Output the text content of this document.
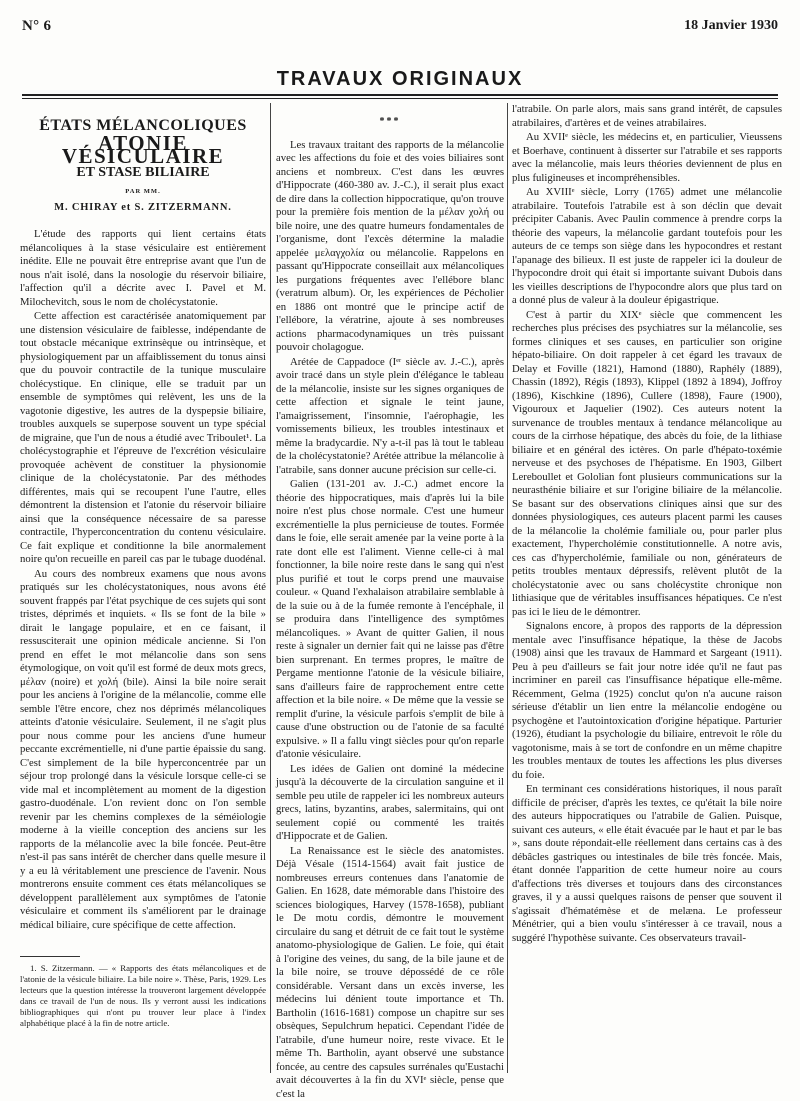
N° 6	18 Janvier 1930
TRAVAUX ORIGINAUX
ÉTATS MÉLANCOLIQUES
ATONIE VÉSICULAIRE
ET STASE BILIAIRE
PAR MM.
M. CHIRAY et S. ZITZERMANN.

L'étude des rapports qui lient certains états mélancoliques à la stase vésiculaire est entièrement inédite. Elle ne pouvait être entreprise avant que l'un de nous n'ait isolé, dans la nosologie du réservoir biliaire, l'affection qu'il a décrite avec I. Pavel et M. Milochevitch, sous le nom de cholécystatonie.

Cette affection est caractérisée anatomiquement par une distension vésiculaire de faiblesse, indépendante de tout obstacle mécanique extrinsèque ou intrinsèque, et physiologiquement par un affaiblissement du tonus ainsi que du pouvoir contractile de la tunique musculaire cholécystique. En clinique, elle se traduit par un ensemble de symptômes qui relèvent, les uns de la vagotonie digestive, les autres de la dyspepsie biliaire, troubles auxquels se superpose souvent un type spécial de migraine, que l'un de nous a étudié avec Triboulet¹. La cholécystographie et l'épreuve de l'excrétion vésiculaire provoquée achèvent de constituer la physionomie clinique de la cholécystatonie. Par des méthodes différentes, mais qui se recoupent l'une l'autre, elles démontrent la distension et l'atonie du réservoir biliaire ainsi que la conséquence nécessaire de sa paresse contractile, l'hyperconcentration du contenu vésiculaire. Ce fait explique et conditionne la bile anormalement noire qu'on recueille en pareil cas par le tubage duodénal.

Au cours des nombreux examens que nous avons pratiqués sur les cholécystatoniques, nous avons été souvent frappés par l'état psychique de ces sujets qui sont tristes, déprimés et inquiets. « Ils se font de la bile » dirait le langage populaire, et en ce faisant, il ressusciterait une opinion médicale ancienne. Si l'on prend en effet le mot mélancolie dans son sens étymologique, on voit qu'il est formé de deux mots grecs, μέλαν (noire) et χολή (bile). Ainsi la bile noire serait pour les anciens à l'origine de la mélancolie, comme elle semble l'être encore, chez nos déprimés mélancoliques atteints d'atonie vésiculaire. Seulement, il ne s'agit plus pour nous comme pour les anciens d'une humeur peccante excrémentielle, ni d'une partie épaissie du sang. C'est simplement de la bile hyperconcentrée par un séjour trop prolongé dans la vésicule lorsque celle-ci se vide mal et incomplètement au moment de la digestion gastro-duodénale. L'on revient donc on l'on semble revenir par les chemins complexes de la séméiologie moderne à la vieille conception des anciens sur les rapports de la mélancolie avec la bile foncée. Peut-être n'est-il pas sans intérêt de chercher dans quelle mesure il y a eu là véritablement une prescience de l'avenir. Nous montrerons ensuite comment ces états mélancoliques se développent parallèlement aux symptômes de l'atonie vésiculaire et comment ils s'améliorent par le drainage médical biliaire, cure spécifique de cette affection.

1. S. Zitzermann. — « Rapports des états mélancoliques et de l'atonie de la vésicule biliaire. La bile noire ». Thèse, Paris, 1929. Les lecteurs que la question intéresse la trouveront largement développée dans ce travail de l'un de nous. Ils y verront aussi les indications bibliographiques qui n'ont pu trouver leur place à l'index alphabétique placé à la fin de notre article.

***

Les travaux traitant des rapports de la mélancolie avec les affections du foie et des voies biliaires sont anciens et nombreux. C'est dans les œuvres d'Hippocrate (460-380 av. J.-C.), il serait plus exact de dire dans la collection hippocratique, qu'on trouve pour la première fois mention de la μέλαν χολή ou bile noire, une des quatre humeurs fondamentales de l'organisme, dont l'excès détermine la maladie appelée μελαγχολία ou mélancolie. Rappelons en passant qu'Hippocrate conseillait aux mélancoliques les purgations fréquentes avec l'ellébore blanc (veratrum album). Or, les expériences de Pécholier en 1886 ont montré que le principe actif de l'ellébore, la vératrine, ajoute à ses nombreuses actions pharmacodynamiques un très puissant pouvoir cholagogue.

Arétée de Cappadoce (Iᵉʳ siècle av. J.-C.), après avoir tracé dans un style plein d'élégance le tableau de la mélancolie, insiste sur les signes organiques de cette affection et signale le teint jaune, l'amaigrissement, l'insomnie, l'aérophagie, les vomissements bilieux, les troubles intestinaux et même la bradycardie. N'y a-t-il pas là tout le tableau de la cholécystatonie? Arétée attribue la mélancolie à l'atrabile, sans donner aucune précision sur celle-ci.

Galien (131-201 av. J.-C.) admet encore la théorie des hippocratiques, mais d'après lui la bile noire n'est plus chose normale. C'est une humeur excrémentielle la plus pernicieuse de toutes. Formée dans le foie, elle serait amenée par la veine porte à la rate dont elle est l'aliment. Vienne celle-ci à mal fonctionner, la bile noire reste dans le sang qui n'est plus purifié et tout le corps prend une mauvaise couleur. « Quand l'exhalaison atrabilaire semblable à de la suie ou à de la fumée remonte à l'encéphale, il se produira dans l'intelligence des symptômes mélancoliques. » Avant de quitter Galien, il nous reste à signaler un dernier fait qui ne laisse pas d'être bien surprenant. En termes propres, le maître de Pergame mentionne l'atonie de la vésicule biliaire, sans d'ailleurs faire de rapprochement entre cette affection et la bile noire. « De même que la vessie se remplit d'urine, la vésicule parfois s'emplit de bile à cause d'une obstruction ou de l'atonie de sa faculté expulsive. » Il a fallu vingt siècles pour qu'on reparle d'atonie vésiculaire.

Les idées de Galien ont dominé la médecine jusqu'à la découverte de la circulation sanguine et il semble peu utile de rappeler ici les nombreux auteurs grecs, latins, byzantins, arabes, salermitains, qui ont seulement copié ou commenté les traités d'Hippocrate et de Galien.

La Renaissance est le siècle des anatomistes. Déjà Vésale (1514-1564) avait fait justice de nombreuses erreurs contenues dans l'anatomie de Galien. En 1628, date mémorable dans l'histoire des sciences biologiques, Harvey (1578-1658), publiant le De motu cordis, démontre le mouvement circulaire du sang et détruit de ce fait tout le système anatomo-physiologique de Galien. Le foie, qui était à l'origine des veines, du sang, de la bile jaune et de la bile noire, se trouve dépossédé de ce rôle considérable. Versant dans un excès inverse, les médecins lui dénient toute importance et Th. Bartholin (1616-1681) compose un chapitre sur ses obsèques, Sepulchrum hepatici. Cependant l'idée de l'atrabile, d'une humeur noire, reste vivace. Et le même Th. Bartholin, ayant observé une substance foncée, au centre des capsules surrénales qu'Eustachi avait découvertes à la fin du XVIᵉ siècle, pense que c'est la

l'atrabile. On parle alors, mais sans grand intérêt, de capsules atrabilaires, d'artères et de veines atrabilaires.

Au XVIIᵉ siècle, les médecins et, en particulier, Vieussens et Boerhave, continuent à disserter sur l'atrabile et ses rapports avec la mélancolie, mais leurs théories deviennent de plus en plus fuligineuses et incompréhensibles.

Au XVIIIᵉ siècle, Lorry (1765) admet une mélancolie atrabilaire. Toutefois l'atrabile est à son déclin que devait précipiter Cabanis. Avec Paulin commence à prendre corps la théorie des vapeurs, la mélancolie gardant toutefois pour les auteurs de ce temps son siège dans les hypocondres et restant l'apanage des bilieux. Il est juste de rappeler ici la douleur de l'hypocondre droit qui était si importante suivant Dubois dans les vieilles descriptions de l'hypocondre alors que plus tard on a donné plus de valeur à la douleur épigastrique.

C'est à partir du XIXᵉ siècle que commencent les recherches plus précises des psychiatres sur la mélancolie, ses formes cliniques et ses causes, en particulier son origine hépato-biliaire. On doit rappeler à cet égard les travaux de Delay et Foville (1821), Hamond (1880), Raphély (1889), Chassin (1892), Régis (1893), Klippel (1892 à 1894), Joffroy (1896), Kischkine (1896), Cullere (1898), Faure (1900), Vigouroux et Jaquelier (1902). Ces auteurs notent la survenance de troubles mentaux à tendance mélancolique au cours de la cirrhose hépatique, des abcès du foie, de la lithiase biliaire et en général des ictères. On parle d'hépato-toxémie nerveuse et des psychoses de l'hépatisme. En 1903, Gilbert Lereboullet et Gololian font plusieurs communications sur la neurasthénie biliaire et sur l'origine biliaire de la mélancolie. Se basant sur des observations cliniques ainsi que sur des données physiologiques, ces auteurs placent parmi les causes de la mélancolie la cholémie familiale ou, pour parler plus exactement, l'hypercholémie constitutionnelle. A notre avis, ces cas d'hypercholémie, familiale ou non, générateurs de petits troubles mentaux dépressifs, relèvent plutôt de la cholécystatonie avec ou sans cholécystite chronique non lithiasique que de véritables insuffisances hépatiques. Ce n'est pas ici le lieu de le démontrer.

Signalons encore, à propos des rapports de la dépression mentale avec l'insuffisance hépatique, la thèse de Jacobs (1908) ainsi que les travaux de Hammard et Sargeant (1911). Peu à peu d'ailleurs se fait jour notre idée qu'il ne faut pas incriminer en pareil cas l'insuffisance hépatique elle-même. Récemment, Gelma (1925) conclut qu'on n'a aucune raison sérieuse d'établir un lien entre la mélancolie endogène ou psychogène et l'autointoxication d'origine hépatique. Parturier (1926), étudiant la psychologie du biliaire, entrevoit le rôle du vagotonisme, mais à se tort de confondre en un même chapitre les troubles mentaux de toutes les affections les plus diverses du foie.

En terminant ces considérations historiques, il nous paraît difficile de préciser, d'après les textes, ce qu'était la bile noire des auteurs hippocratiques ou l'atrabile de Galien. Puisque, suivant ces auteurs, « elle était évacuée par le haut et par le bas », sans doute répondait-elle réellement dans certains cas à des débâcles gastriques ou intestinales de bile très foncée. Mais, étant donnée l'apparition de cette humeur noire au cours d'affections très diverses et toujours dans des circonstances graves, il y a aussi quelques raisons de penser que souvent il s'agissait d'hématémèse et de melæna. Le professeur Ménétrier, qui a bien voulu s'intéresser à ce travail, nous a suggéré l'hypothèse suivante. Ces observateurs travail-
